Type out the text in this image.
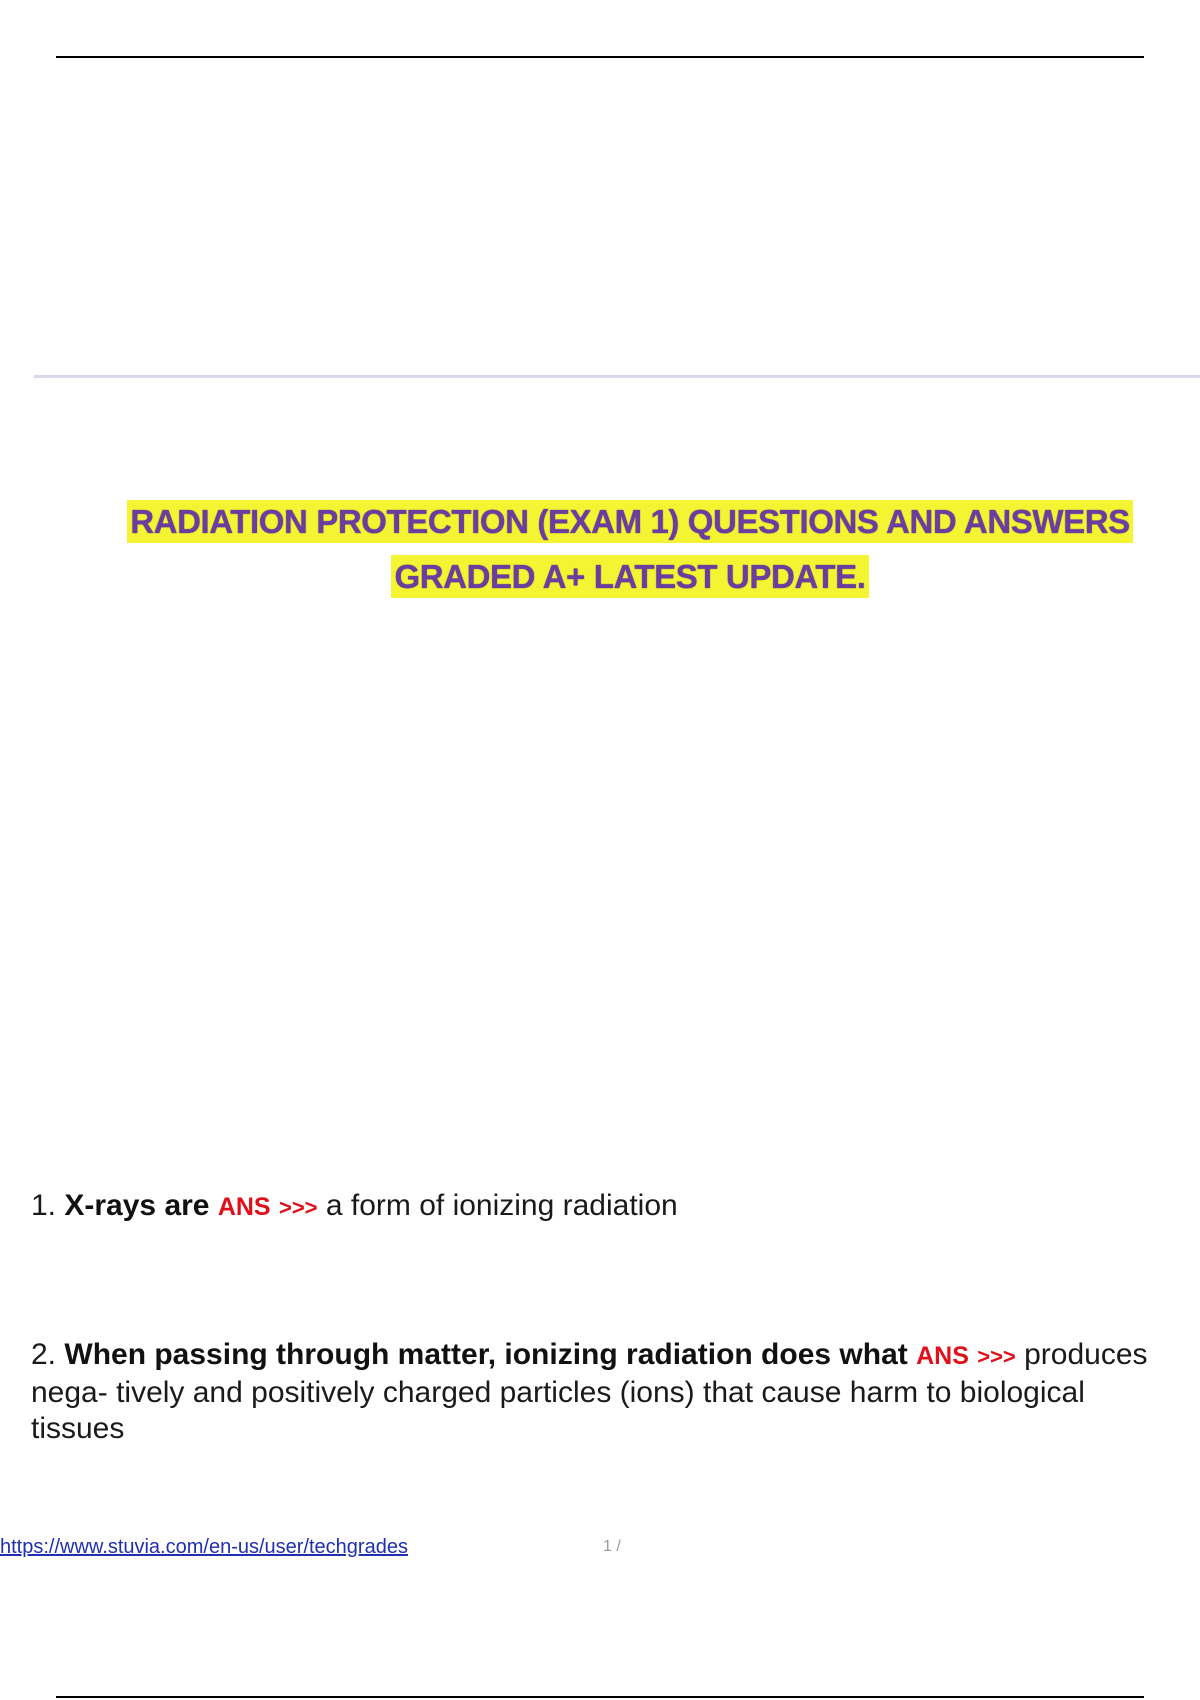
RADIATION PROTECTION (EXAM 1) QUESTIONS AND ANSWERS
GRADED A+ LATEST UPDATE.
1. X-rays are ANS >>> a form of ionizing radiation
2. When passing through matter, ionizing radiation does what ANS >>> produces nega- tively and positively charged particles (ions) that cause harm to biological tissues
https://www.stuvia.com/en-us/user/techgrades	1 /
